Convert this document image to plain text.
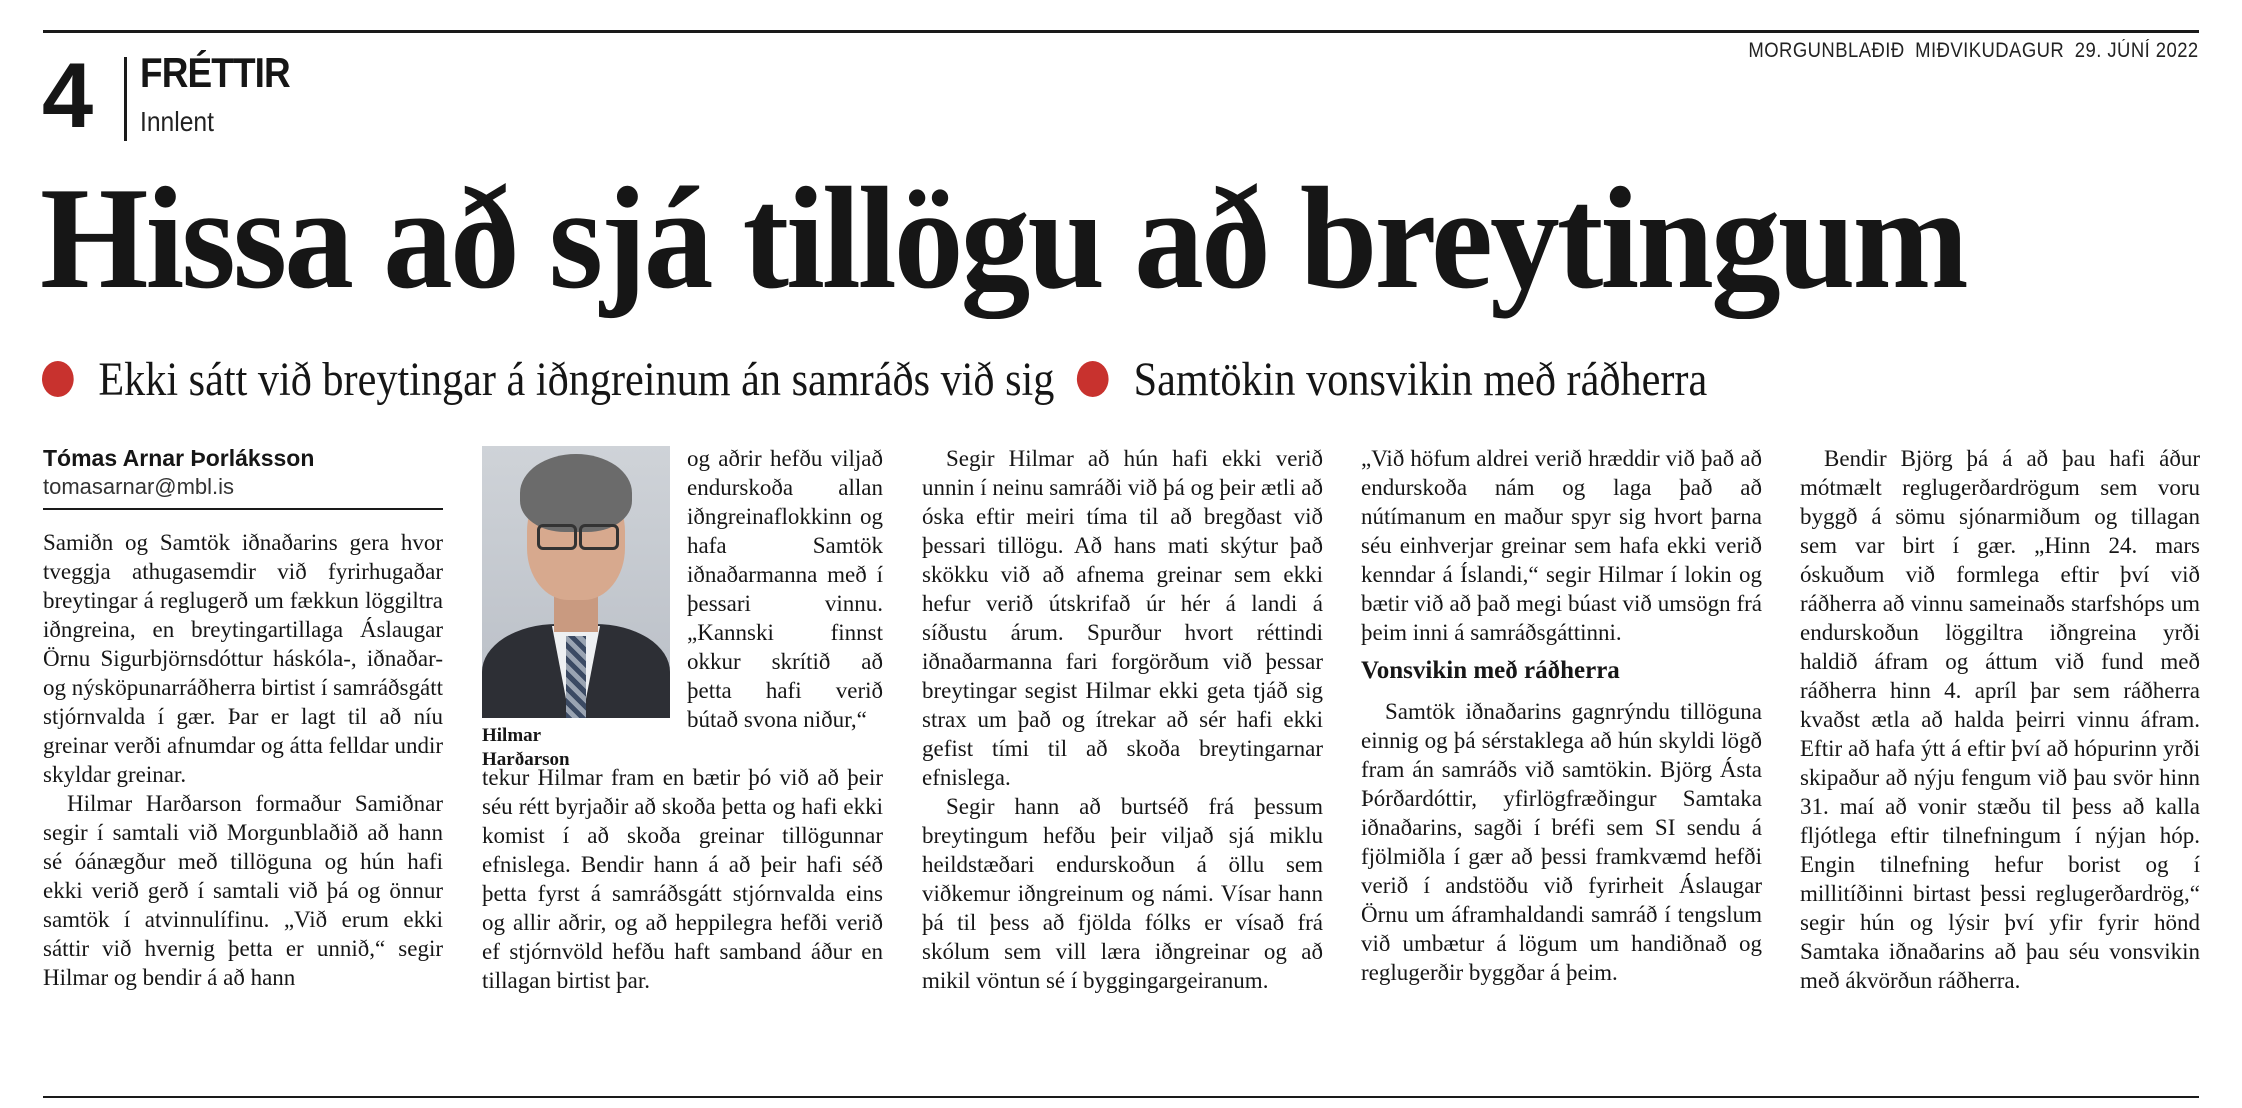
4 FRÉTTIR
Innlent
MORGUNBLAÐIÐ MIÐVIKUDAGUR 29. JÚNÍ 2022
Hissa að sjá tillögu að breytingum
Ekki sátt við breytingar á iðngreinum án samráðs við sig Samtökin vonsvikin með ráðherra
Tómas Arnar Þorláksson
tomasarnar@mbl.is

Samiðn og Samtök iðnaðarins gera hvor tveggja athugasemdir við fyrirhugaðar breytingar á reglugerð um fækkun löggiltra iðngreina, en breytingartillaga Áslaugar Örnu Sigurbjörnsdóttur háskóla-, iðnaðar- og nýsköpunarráðherra birtist í samráðsgátt stjórnvalda í gær. Þar er lagt til að níu greinar verði afnumdar og átta felldar undir skyldar greinar.

Hilmar Harðarson formaður Samiðnar segir í samtali við Morgunblaðið að hann sé óánægður með tillöguna og hún hafi ekki verið gerð í samtali við þá og önnur samtök í atvinnulífinu. „Við erum ekki sáttir við hvernig þetta er unnið,“ segir Hilmar og bendir á að hann

Hilmar
Harðarson

og aðrir hefðu viljað endurskoða allan iðngreinaflokkinn og hafa Samtök iðnaðarmanna með í þessari vinnu. „Kannski finnst okkur skrítið að þetta hafi verið bútað svona niður,“

tekur Hilmar fram en bætir þó við að þeir séu rétt byrjaðir að skoða þetta og hafi ekki komist í að skoða greinar tillögunnar efnislega. Bendir hann á að þeir hafi séð þetta fyrst á samráðsgátt stjórnvalda eins og allir aðrir, og að heppilegra hefði verið ef stjórnvöld hefðu haft samband áður en tillagan birtist þar.

Segir Hilmar að hún hafi ekki verið unnin í neinu samráði við þá og þeir ætli að óska eftir meiri tíma til að bregðast við þessari tillögu. Að hans mati skýtur það skökku við að afnema greinar sem ekki hefur verið útskrifað úr hér á landi á síðustu árum. Spurður hvort réttindi iðnaðarmanna fari forgörðum við þessar breytingar segist Hilmar ekki geta tjáð sig strax um það og ítrekar að sér hafi ekki gefist tími til að skoða breytingarnar efnislega.

Segir hann að burtséð frá þessum breytingum hefðu þeir viljað sjá miklu heildstæðari endurskoðun á öllu sem viðkemur iðngreinum og námi. Vísar hann þá til þess að fjölda fólks er vísað frá skólum sem vill læra iðngreinar og að mikil vöntun sé í byggingargeiranum.

„Við höfum aldrei verið hræddir við það að endurskoða nám og laga það að nútímanum en maður spyr sig hvort þarna séu einhverjar greinar sem hafa ekki verið kenndar á Íslandi,“ segir Hilmar í lokin og bætir við að það megi búast við umsögn frá þeim inni á samráðsgáttinni.

Vonsvikin með ráðherra

Samtök iðnaðarins gagnrýndu tillöguna einnig og þá sérstaklega að hún skyldi lögð fram án samráðs við samtökin. Björg Ásta Þórðardóttir, yfirlögfræðingur Samtaka iðnaðarins, sagði í bréfi sem SI sendu á fjölmiðla í gær að þessi framkvæmd hefði verið í andstöðu við fyrirheit Áslaugar Örnu um áframhaldandi samráð í tengslum við umbætur á lögum um handiðnað og reglugerðir byggðar á þeim.

Bendir Björg þá á að þau hafi áður mótmælt reglugerðardrögum sem voru byggð á sömu sjónarmiðum og tillagan sem var birt í gær. „Hinn 24. mars óskuðum við formlega eftir því við ráðherra að vinnu sameinaðs starfshóps um endurskoðun löggiltra iðngreina yrði haldið áfram og áttum við fund með ráðherra hinn 4. apríl þar sem ráðherra kvaðst ætla að halda þeirri vinnu áfram. Eftir að hafa ýtt á eftir því að hópurinn yrði skipaður að nýju fengum við þau svör hinn 31. maí að vonir stæðu til þess að kalla fljótlega eftir tilnefningum í nýjan hóp. Engin tilnefning hefur borist og í millitíðinni birtast þessi reglugerðardrög,“ segir hún og lýsir því yfir fyrir hönd Samtaka iðnaðarins að þau séu vonsvikin með ákvörðun ráðherra.
